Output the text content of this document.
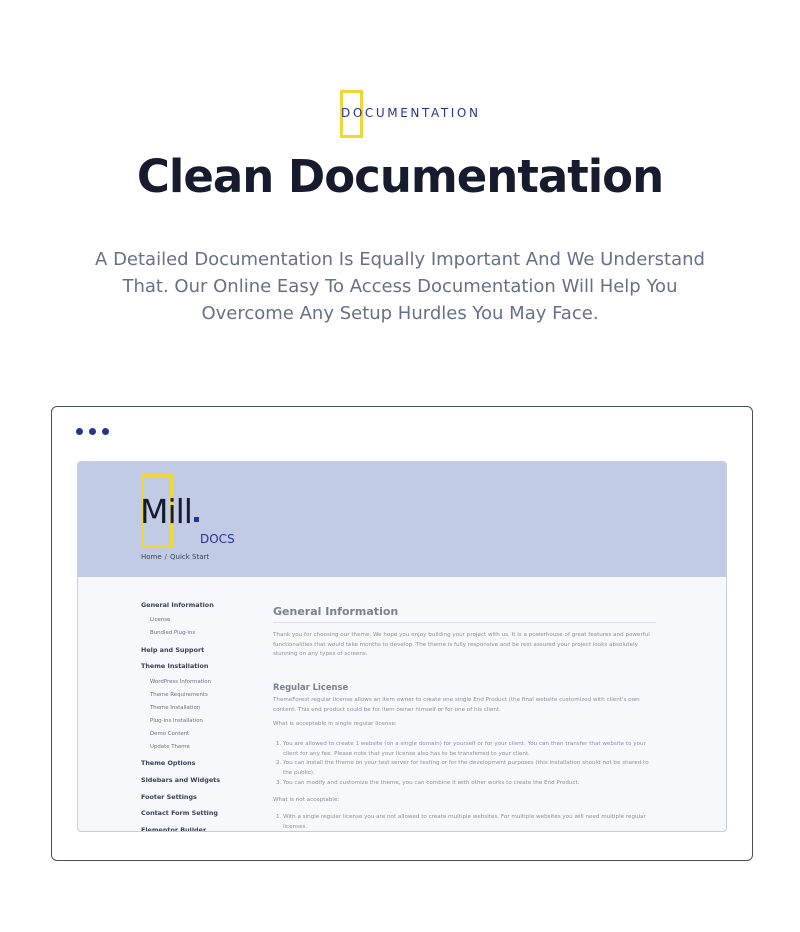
DOCUMENTATION
Clean Documentation

A Detailed Documentation Is Equally Important And We Understand That. Our Online Easy To Access Documentation Will Help You Overcome Any Setup Hurdles You May Face.

Mill
DOCS
Home / Quick Start
General Information
License
Bundled Plug-ins
Help and Support
Theme Installation
WordPress Information
Theme Requirements
Theme Installation
Plug-ins Installation
Demo Content
Update Theme
Theme Options
Sidebars and Widgets
Footer Settings
Contact Form Setting
Elementor Builder
General Information

Thank you for choosing our theme. We hope you enjoy building your project with us. It is a powerhouse of great features and powerful functionalities that would take months to develop. The theme is fully responsive and be rest assured your project looks absolutely stunning on any types of screens.

Regular License

ThemeForest regular license allows an item owner to create one single End Product (the final website customized with client's own content. This end product could be for item owner himself or for one of his client.

What is acceptable in single regular license:

1. You are allowed to create 1 website (on a single domain) for yourself or for your client. You can then transfer that website to your client for any fee. Please note that your license also has to be transferred to your client.
2. You can install the theme on your test server for testing or for the development purposes (this installation should not be shared to the public).
3. You can modify and customize the theme, you can combine it with other works to create the End Product.

What is not acceptable:

1. With a single regular license you are not allowed to create multiple websites. For multiple websites you will need multiple regular licenses.
